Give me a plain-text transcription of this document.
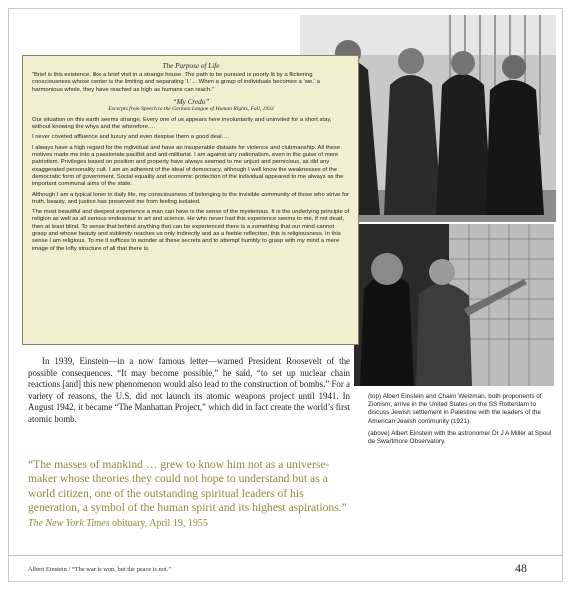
The Purpose of Life

“Brief is this existence, like a brief visit in a strange house. The path to be pursued is poorly lit by a flickering consciousness whose center is the limiting and separating ‘I.’… When a group of individuals becomes a ‘we,’ a harmonious whole, they have reached as high as humans can reach.”

“My Credo”
Excerpts from Speech to the German League of Human Rights, Fall, 1932

Our situation on this earth seems strange. Every one of us appears here involuntarily and uninvited for a short stay, without knowing the whys and the wherefore….

I never coveted affluence and luxury and even despise them a good deal….

I always have a high regard for the individual and have an insuperable distaste for violence and clubmanship. All these motives made me into a passionate pacifist and anti-militarist. I am against any nationalism, even in the guise of mere patriotism. Privileges based on position and property have always seemed to me unjust and pernicious, as did any exaggerated personality cult. I am an adherent of the ideal of democracy, although I well know the weaknesses of the democratic form of government. Social equality and economic protection of the individual appeared to me always as the important communal aims of the state.

Although I am a typical loner in daily life, my consciousness of belonging to the invisible community of those who strive for truth, beauty, and justice has preserved me from feeling isolated.

The most beautiful and deepest experience a man can have is the sense of the mysterious. It is the underlying principle of religion as well as all serious endeavour in art and science. He who never had this experience seems to me, if not dead, then at least blind. To sense that behind anything that can be experienced there is a something that our mind cannot grasp and whose beauty and sublimity reaches us only indirectly and as a feeble reflection, this is religiousness. In this sense I am religious. To me it suffices to wonder at these secrets and to attempt humbly to grasp with my mind a mere image of the lofty structure of all that there is.

(top) Albert Einstein and Chaim Weizman, both proponents of Zionism, arrive in the United States on the SS Rotterdam to discuss Jewish settlement in Palestine with the leaders of the American Jewish community (1921).

(above) Albert Einstein with the astronomer Dr J A Miller at Spoul de Swartmore Observatory.

In 1939, Einstein—in a now famous letter—warned President Roosevelt of the possible consequences. “It may become possible,” he said, “to set up nuclear chain reactions [and] this new phenomenon would also lead to the construction of bombs.” For a variety of reasons, the U.S. did not launch its atomic weapons project until 1941. In August 1942, it became “The Manhattan Project,” which did in fact create the world’s first atomic bomb.

“The masses of mankind … grew to know him not as a universe-maker whose theories they could not hope to understand but as a world citizen, one of the outstanding spiritual leaders of his generation, a symbol of the human spirit and its highest aspirations.”

The New York Times obituary, April 19, 1955
Albert Einstein / “The war is won, but the peace is not.”	48
